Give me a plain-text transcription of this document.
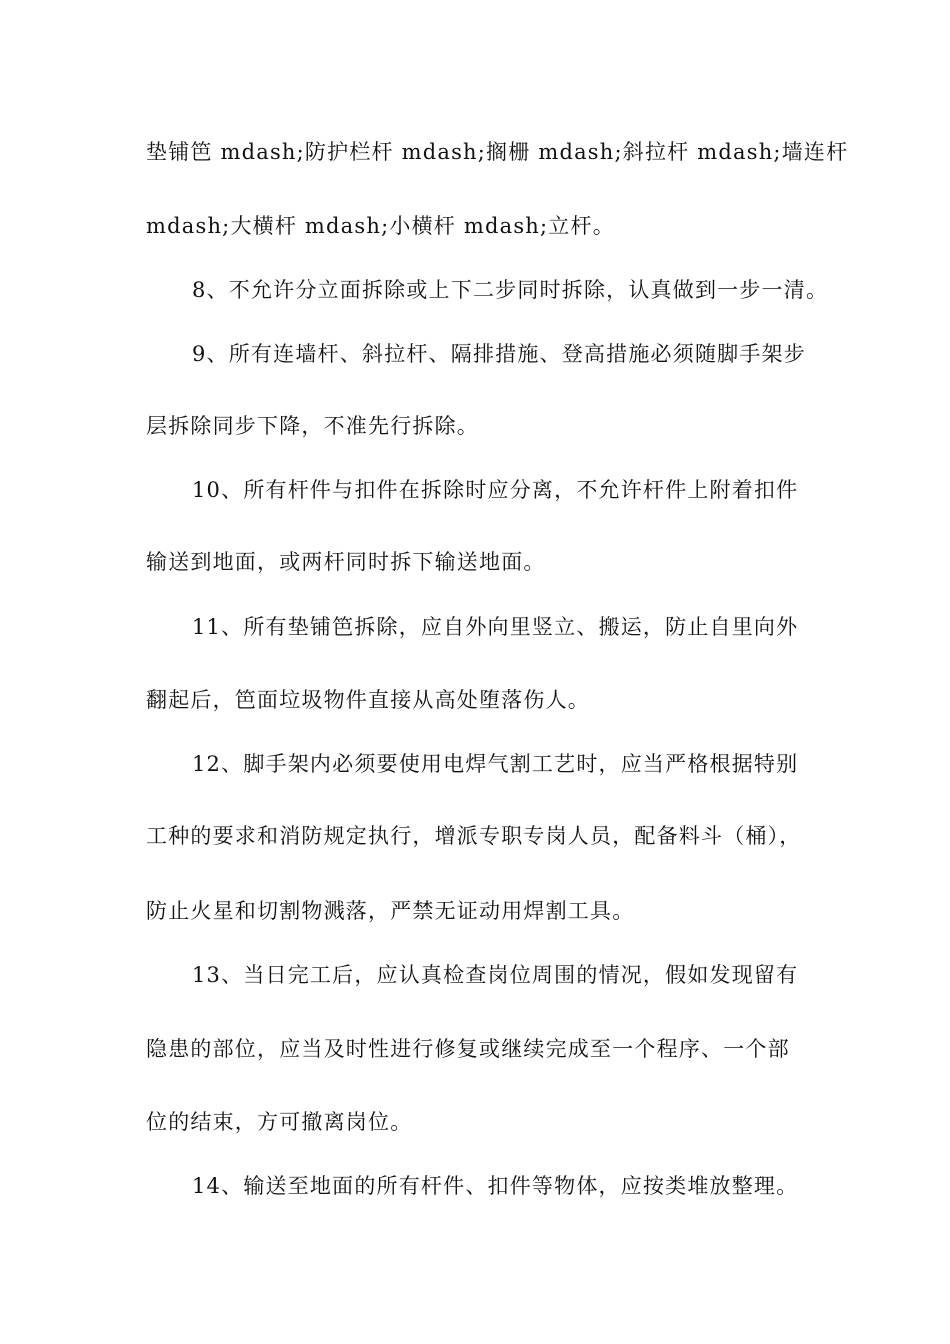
垫铺笆 mdash;防护栏杆 mdash;搁栅 mdash;斜拉杆 mdash;墙连杆
mdash;大横杆 mdash;小横杆 mdash;立杆。
8、不允许分立面拆除或上下二步同时拆除，认真做到一步一清。
9、所有连墙杆、斜拉杆、隔排措施、登高措施必须随脚手架步
层拆除同步下降，不准先行拆除。
10、所有杆件与扣件在拆除时应分离，不允许杆件上附着扣件
输送到地面，或两杆同时拆下输送地面。
11、所有垫铺笆拆除，应自外向里竖立、搬运，防止自里向外
翻起后，笆面垃圾物件直接从高处堕落伤人。
12、脚手架内必须要使用电焊气割工艺时，应当严格根据特别
工种的要求和消防规定执行，增派专职专岗人员，配备料斗（桶），
防止火星和切割物溅落，严禁无证动用焊割工具。
13、当日完工后，应认真检查岗位周围的情况，假如发现留有
隐患的部位，应当及时性进行修复或继续完成至一个程序、一个部
位的结束，方可撤离岗位。
14、输送至地面的所有杆件、扣件等物体，应按类堆放整理。
